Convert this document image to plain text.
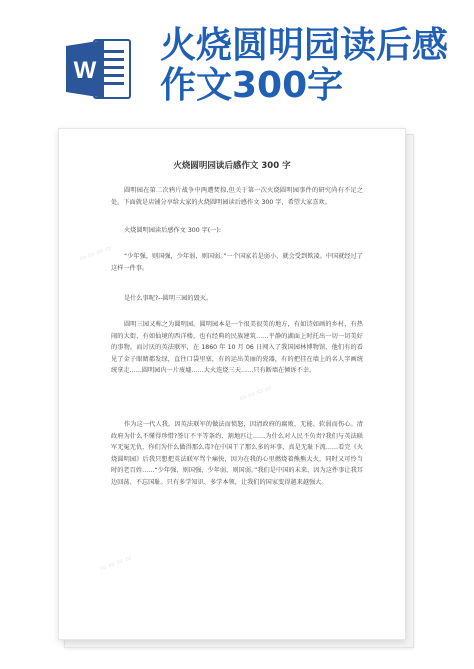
W
火烧圆明园读后感
作文300字
火烧圆明园读后感作文 300 字
圆明园在第二次鸦片战争中两遭焚掠,但关于第一次火烧圆明园事件的研究尚有不足之处。下面就是店铺分享给大家的火烧圆明园读后感作文 300 字，希望大家喜欢。
火烧圆明园读后感作文 300 字(一):
“少年强，则国强，少年弱，则国弱。”一个国家若是弱小、就会受到欺凌。中国就经过了这样一件事。
是什么事呢?--圆明三园的毁灭。
圆明三园又称之为圆明园。圆明园本是一个很美很美的地方，有如诗如画的乡村，有热闹的大街，有如仙境的西洋楼，也有经典的民族建筑……平静的湖面上时托出一切一切美好的事物。而讨厌的英法联军，在 1860 年 10 月 06 日闯入了我国园林博物馆，他们有的看见了金子眼睛都发绿，直往口袋里塞，有的运出美丽的瓷器，有的把挂在墙上的名人字画统统拿走……圆明园内一片废墟……大火连烧三天……只有断墙在倾诉不幸。
作为这一代人我，因英法联军的做法而愤怒，因清政府的腐败、无能、软弱而伤心。清政府为什么不懂得珍惜?签订不平等条约、割地匹让……为什么对人民不负责?我们与英法联军无冤无仇，你们为什么做得那么毒?在中国干了那么多的坏事，真是无耻下流……看完《火烧圆明园》后我只想把英法联军骂个痛快，因为在我的心里燃烧着熊熊大火，同时又可怜当时的老百姓……“少年强，则国强，少年弱，则国弱。”我们是中国的未来，因为这件事让我耳边回荡、不忘国耻。只有多学知识、多学本领，让我们的国家变得越来越强大。
▭ ▭ ▭ ▭
▭ ▭ ▭ ▭
▭ ▭ ▭ ▭
